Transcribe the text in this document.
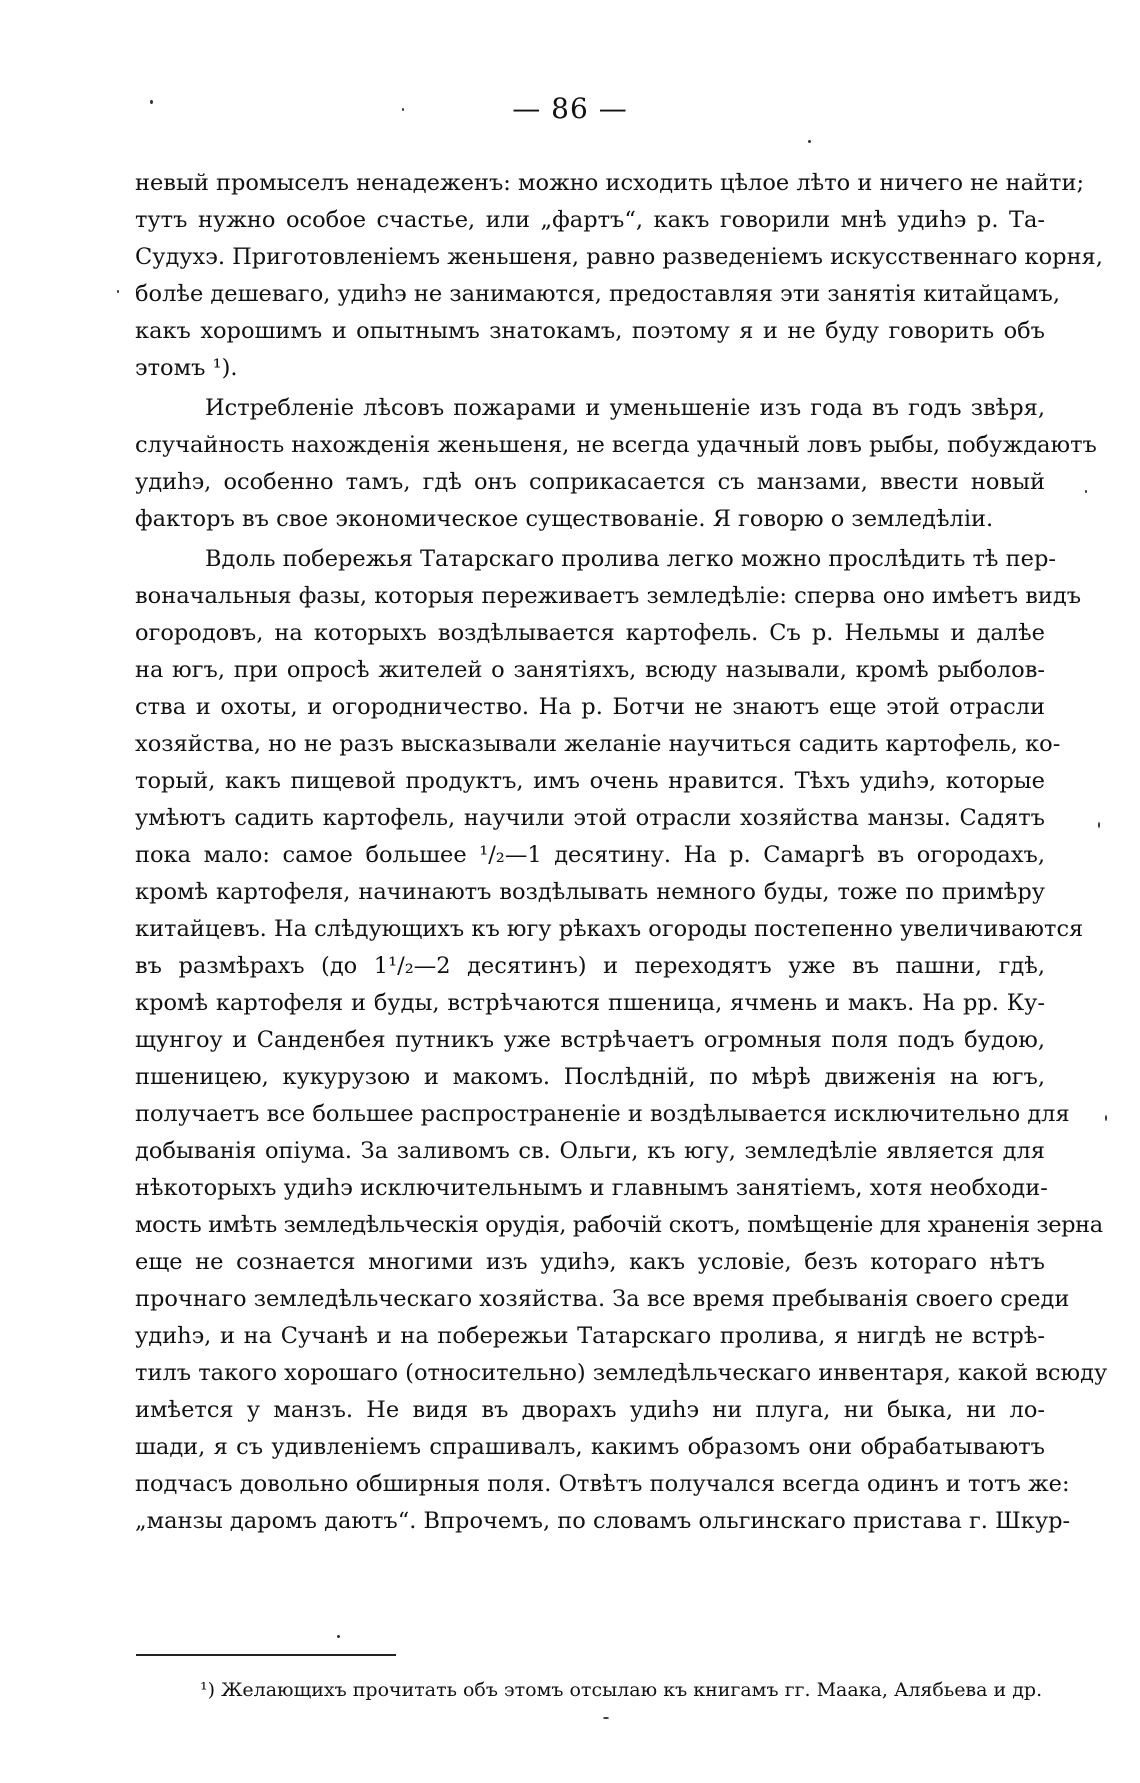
— 86 —
невый промыселъ ненадеженъ: можно исходить цѣлое лѣто и ничего не найти;
тутъ нужно особое счастье, или „фартъ“, какъ говорили мнѣ удиһэ р. Та-
Судухэ. Приготовленіемъ женьшеня, равно разведеніемъ искусственнаго корня,
болѣе дешеваго, удиһэ не занимаются, предоставляя эти занятія китайцамъ,
какъ хорошимъ и опытнымъ знатокамъ, поэтому я и не буду говорить объ
этомъ ¹).
Истребленіе лѣсовъ пожарами и уменьшеніе изъ года въ годъ звѣря,
случайность нахожденія женьшеня, не всегда удачный ловъ рыбы, побуждаютъ
удиһэ, особенно тамъ, гдѣ онъ соприкасается съ манзами, ввести новый
факторъ въ свое экономическое существованіе. Я говорю о земледѣліи.
Вдоль побережья Татарскаго пролива легко можно прослѣдить тѣ пер-
воначальныя фазы, которыя переживаетъ земледѣліе: сперва оно имѣетъ видъ
огородовъ, на которыхъ воздѣлывается картофель. Съ р. Нельмы и далѣе
на югъ, при опросѣ жителей о занятіяхъ, всюду называли, кромѣ рыболов-
ства и охоты, и огородничество. На р. Ботчи не знаютъ еще этой отрасли
хозяйства, но не разъ высказывали желаніе научиться садить картофель, ко-
торый, какъ пищевой продуктъ, имъ очень нравится. Тѣхъ удиһэ, которые
умѣютъ садить картофель, научили этой отрасли хозяйства манзы. Садятъ
пока мало: самое большее ¹/₂—1 десятину. На р. Самаргѣ въ огородахъ,
кромѣ картофеля, начинаютъ воздѣлывать немного буды, тоже по примѣру
китайцевъ. На слѣдующихъ къ югу рѣкахъ огороды постепенно увеличиваются
въ размѣрахъ (до 1¹/₂—2 десятинъ) и переходятъ уже въ пашни, гдѣ,
кромѣ картофеля и буды, встрѣчаются пшеница, ячмень и макъ. На рр. Ку-
щунгоу и Санденбея путникъ уже встрѣчаетъ огромныя поля подъ будою,
пшеницею, кукурузою и макомъ. Послѣдній, по мѣрѣ движенія на югъ,
получаетъ все большее распространеніе и воздѣлывается исключительно для
добыванія опіума. За заливомъ св. Ольги, къ югу, земледѣліе является для
нѣкоторыхъ удиһэ исключительнымъ и главнымъ занятіемъ, хотя необходи-
мость имѣть земледѣльческія орудія, рабочій скотъ, помѣщеніе для храненія зерна
еще не сознается многими изъ удиһэ, какъ условіе, безъ котораго нѣтъ
прочнаго земледѣльческаго хозяйства. За все время пребыванія своего среди
удиһэ, и на Сучанѣ и на побережьи Татарскаго пролива, я нигдѣ не встрѣ-
тилъ такого хорошаго (относительно) земледѣльческаго инвентаря, какой всюду
имѣется у манзъ. Не видя въ дворахъ удиһэ ни плуга, ни быка, ни ло-
шади, я съ удивленіемъ спрашивалъ, какимъ образомъ они обрабатываютъ
подчасъ довольно обширныя поля. Отвѣтъ получался всегда одинъ и тотъ же:
„манзы даромъ даютъ“. Впрочемъ, по словамъ ольгинскаго пристава г. Шкур-
¹) Желающихъ прочитать объ этомъ отсылаю къ книгамъ гг. Маака, Алябьева и др.
